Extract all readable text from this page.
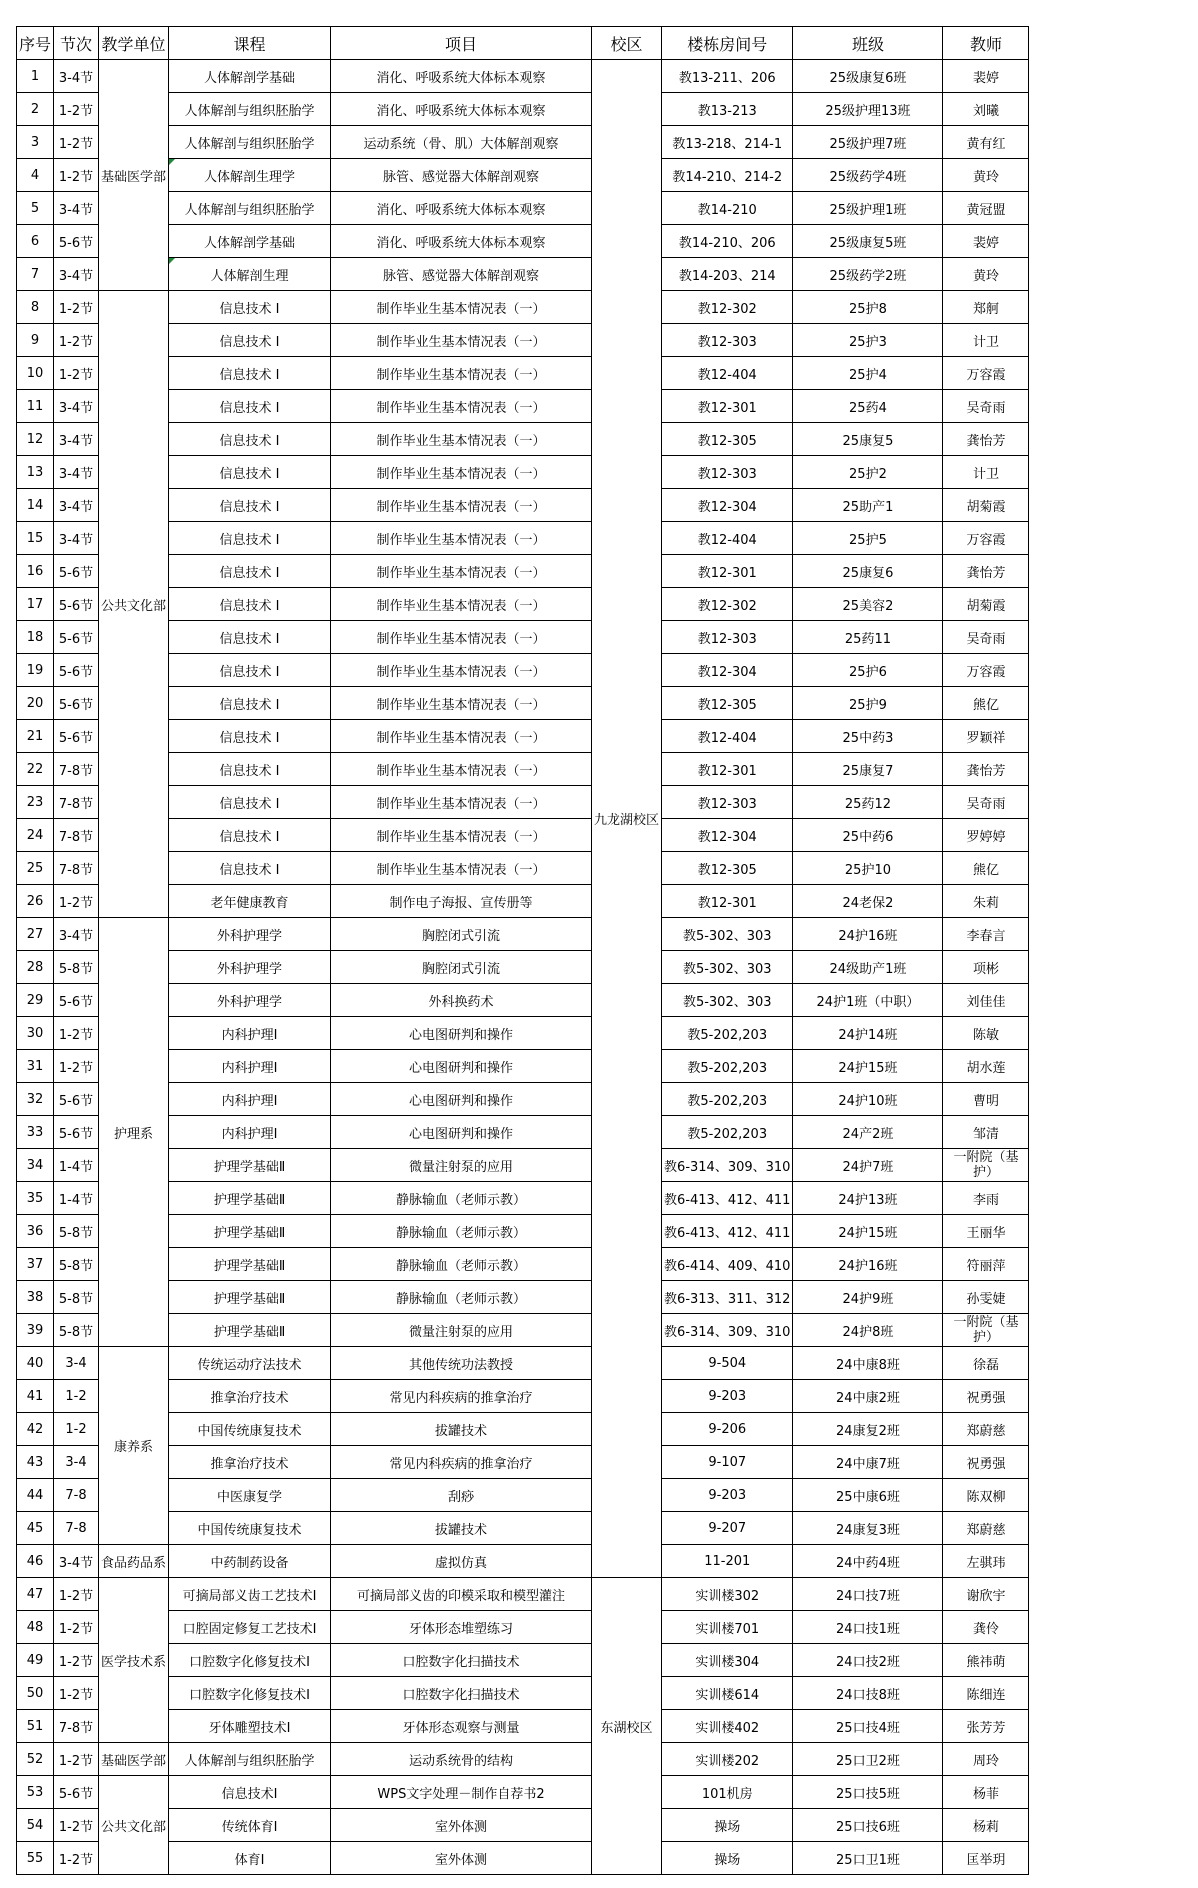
序号	节次	教学单位	课程	项目	校区	楼栋房间号	班级	教师
1	3-4节	基础医学部	人体解剖学基础	消化、呼吸系统大体标本观察	九龙湖校区	教13-211、206	25级康复6班	裴婷
2	1-2节		人体解剖与组织胚胎学	消化、呼吸系统大体标本观察		教13-213	25级护理13班	刘曦
3	1-2节		人体解剖与组织胚胎学	运动系统（骨、肌）大体解剖观察		教13-218、214-1	25级护理7班	黄有红
4	1-2节		人体解剖生理学	脉管、感觉器大体解剖观察		教14-210、214-2	25级药学4班	黄玲
5	3-4节		人体解剖与组织胚胎学	消化、呼吸系统大体标本观察		教14-210	25级护理1班	黄冠盟
6	5-6节		人体解剖学基础	消化、呼吸系统大体标本观察		教14-210、206	25级康复5班	裴婷
7	3-4节		人体解剖生理	脉管、感觉器大体解剖观察		教14-203、214	25级药学2班	黄玲
8	1-2节	公共文化部	信息技术 I	制作毕业生基本情况表（一）		教12-302	25护8	郑舸
9	1-2节		信息技术 I	制作毕业生基本情况表（一）		教12-303	25护3	计卫
10	1-2节		信息技术 I	制作毕业生基本情况表（一）		教12-404	25护4	万容霞
11	3-4节		信息技术 I	制作毕业生基本情况表（一）		教12-301	25药4	吴奇雨
12	3-4节		信息技术 I	制作毕业生基本情况表（一）		教12-305	25康复5	龚怡芳
13	3-4节		信息技术 I	制作毕业生基本情况表（一）		教12-303	25护2	计卫
14	3-4节		信息技术 I	制作毕业生基本情况表（一）		教12-304	25助产1	胡菊霞
15	3-4节		信息技术 I	制作毕业生基本情况表（一）		教12-404	25护5	万容霞
16	5-6节		信息技术 I	制作毕业生基本情况表（一）		教12-301	25康复6	龚怡芳
17	5-6节		信息技术 I	制作毕业生基本情况表（一）		教12-302	25美容2	胡菊霞
18	5-6节		信息技术 I	制作毕业生基本情况表（一）		教12-303	25药11	吴奇雨
19	5-6节		信息技术 I	制作毕业生基本情况表（一）		教12-304	25护6	万容霞
20	5-6节		信息技术 I	制作毕业生基本情况表（一）		教12-305	25护9	熊亿
21	5-6节		信息技术 I	制作毕业生基本情况表（一）		教12-404	25中药3	罗颖祥
22	7-8节		信息技术 I	制作毕业生基本情况表（一）		教12-301	25康复7	龚怡芳
23	7-8节		信息技术 I	制作毕业生基本情况表（一）		教12-303	25药12	吴奇雨
24	7-8节		信息技术 I	制作毕业生基本情况表（一）		教12-304	25中药6	罗婷婷
25	7-8节		信息技术 I	制作毕业生基本情况表（一）		教12-305	25护10	熊亿
26	1-2节		老年健康教育	制作电子海报、宣传册等		教12-301	24老保2	朱莉
27	3-4节	护理系	外科护理学	胸腔闭式引流		教5-302、303	24护16班	李春言
28	5-8节		外科护理学	胸腔闭式引流		教5-302、303	24级助产1班	项彬
29	5-6节		外科护理学	外科换药术		教5-302、303	24护1班（中职）	刘佳佳
30	1-2节		内科护理I	心电图研判和操作		教5-202,203	24护14班	陈敏
31	1-2节		内科护理I	心电图研判和操作		教5-202,203	24护15班	胡水莲
32	5-6节		内科护理I	心电图研判和操作		教5-202,203	24护10班	曹明
33	5-6节		内科护理I	心电图研判和操作		教5-202,203	24产2班	邹清
34	1-4节		护理学基础Ⅱ	微量注射泵的应用		教6-314、309、310	24护7班	一附院（基护）
35	1-4节		护理学基础Ⅱ	静脉输血（老师示教）		教6-413、412、411	24护13班	李雨
36	5-8节		护理学基础Ⅱ	静脉输血（老师示教）		教6-413、412、411	24护15班	王丽华
37	5-8节		护理学基础Ⅱ	静脉输血（老师示教）		教6-414、409、410	24护16班	符丽萍
38	5-8节		护理学基础Ⅱ	静脉输血（老师示教）		教6-313、311、312	24护9班	孙雯婕
39	5-8节		护理学基础Ⅱ	微量注射泵的应用		教6-314、309、310	24护8班	一附院（基护）
40	3-4	康养系	传统运动疗法技术	其他传统功法教授		9-504	24中康8班	徐磊
41	1-2		推拿治疗技术	常见内科疾病的推拿治疗		9-203	24中康2班	祝勇强
42	1-2		中国传统康复技术	拔罐技术		9-206	24康复2班	郑蔚慈
43	3-4		推拿治疗技术	常见内科疾病的推拿治疗		9-107	24中康7班	祝勇强
44	7-8		中医康复学	刮痧		9-203	25中康6班	陈双柳
45	7-8		中国传统康复技术	拔罐技术		9-207	24康复3班	郑蔚慈
46	3-4节	食品药品系	中药制药设备	虚拟仿真		11-201	24中药4班	左骐玮
47	1-2节	医学技术系	可摘局部义齿工艺技术I	可摘局部义齿的印模采取和模型灌注	东湖校区	实训楼302	24口技7班	谢欣宇
48	1-2节		口腔固定修复工艺技术I	牙体形态堆塑练习		实训楼701	24口技1班	龚伶
49	1-2节		口腔数字化修复技术I	口腔数字化扫描技术		实训楼304	24口技2班	熊祎萌
50	1-2节		口腔数字化修复技术I	口腔数字化扫描技术		实训楼614	24口技8班	陈细连
51	7-8节		牙体雕塑技术I	牙体形态观察与测量		实训楼402	25口技4班	张芳芳
52	1-2节	基础医学部	人体解剖与组织胚胎学	运动系统骨的结构		实训楼202	25口卫2班	周玲
53	5-6节	公共文化部	信息技术I	WPS文字处理－制作自荐书2		101机房	25口技5班	杨菲
54	1-2节		传统体育I	室外体测		操场	25口技6班	杨莉
55	1-2节		体育I	室外体测		操场	25口卫1班	匡举玥
